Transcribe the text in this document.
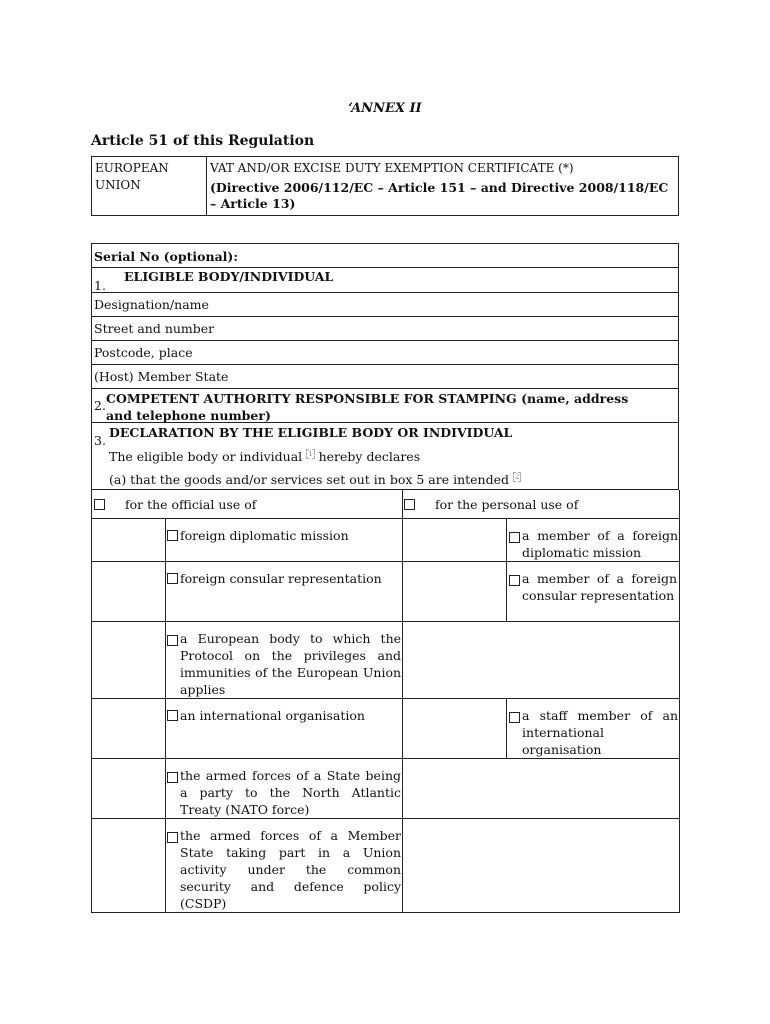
‘ANNEX II
Article 51 of this Regulation
EUROPEAN
UNION

VAT AND/OR EXCISE DUTY EXEMPTION CERTIFICATE (*)
(Directive 2006/112/EC – Article 151 – and Directive 2008/118/EC – Article 13)
Serial No (optional):
1.
ELIGIBLE BODY/INDIVIDUAL
Designation/name
Street and number
Postcode, place
(Host) Member State
2. COMPETENT AUTHORITY RESPONSIBLE FOR STAMPING (name, address and telephone number)
3.
DECLARATION BY THE ELIGIBLE BODY OR INDIVIDUAL
The eligible body or individual $^1$ hereby declares
(a) that the goods and/or services set out in box 5 are intended $^2$
for the official use of		for the personal use of	
	foreign diplomatic mission		a member of a foreign diplomatic mission

	foreign consular representation		a member of a foreign consular representation

	a European body to which the Protocol on the privileges and immunities of the European Union applies		

	an international organisation		a staff member of an international organisation

	the armed forces of a State being a party to the North Atlantic Treaty (NATO force)		

	the armed forces of a Member State taking part in a Union activity under the common security and defence policy (CSDP)		
